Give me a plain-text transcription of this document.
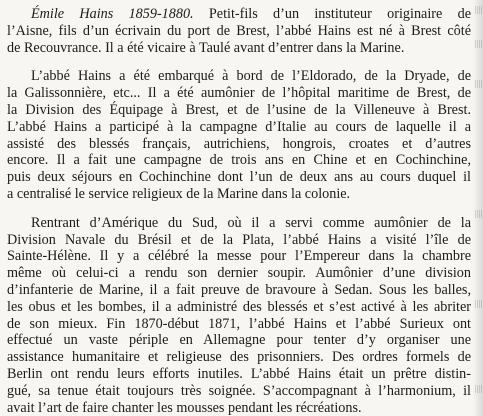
Émile Hains 1859-1880. Petit-fils d’un instituteur originaire de
l’Aisne, fils d’un écrivain du port de Brest, l’abbé Hains est né à Brest côté
de Recouvrance. Il a été vicaire à Taulé avant d’entrer dans la Marine.
L’abbé Hains a été embarqué à bord de l’Eldorado, de la Dryade, de
la Galissonnière, etc... Il a été aumônier de l’hôpital maritime de Brest, de
la Division des Équipage à Brest, et de l’usine de la Villeneuve à Brest.
L’abbé Hains a participé à la campagne d’Italie au cours de laquelle il a
assisté des blessés français, autrichiens, hongrois, croates et d’autres
encore. Il a fait une campagne de trois ans en Chine et en Cochinchine,
puis deux séjours en Cochinchine dont l’un de deux ans au cours duquel il
a centralisé le service religieux de la Marine dans la colonie.
Rentrant d’Amérique du Sud, où il a servi comme aumônier de la
Division Navale du Brésil et de la Plata, l’abbé Hains a visité l’île de
Sainte-Hélène. Il y a célébré la messe pour l’Empereur dans la chambre
même où celui-ci a rendu son dernier soupir. Aumônier d’une division
d’infanterie de Marine, il a fait preuve de bravoure à Sedan. Sous les balles,
les obus et les bombes, il a administré des blessés et s’est activé à les abriter
de son mieux. Fin 1870-début 1871, l’abbé Hains et l’abbé Surieux ont
effectué un vaste périple en Allemagne pour tenter d’y organiser une
assistance humanitaire et religieuse des prisonniers. Des ordres formels de
Berlin ont rendu leurs efforts inutiles. L’abbé Hains était un prêtre distin-
gué, sa tenue était toujours très soignée. S’accompagnant à l’harmonium, il
avait l’art de faire chanter les mousses pendant les récréations.
